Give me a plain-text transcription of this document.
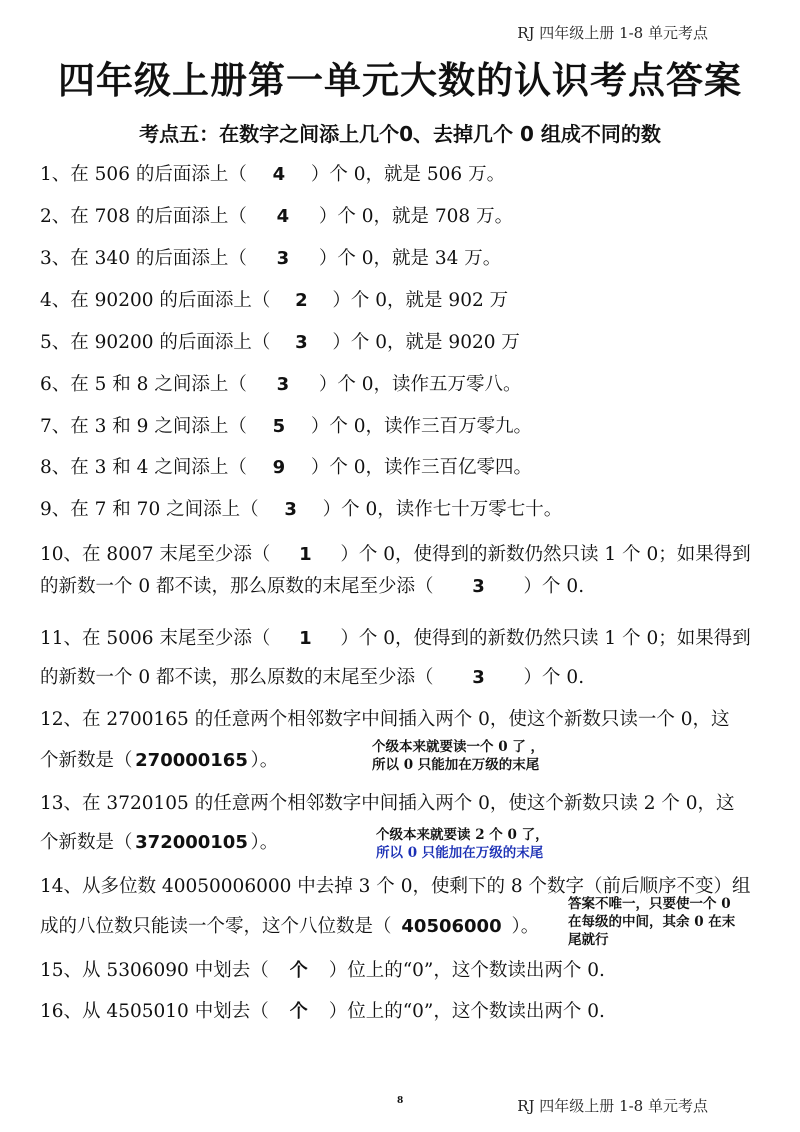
RJ 四年级上册 1-8 单元考点
四年级上册第一单元大数的认识考点答案
考点五：在数字之间添上几个0、去掉几个 0 组成不同的数
1、在 506 的后面添上（ 4 ）个 0，就是 506 万。
2、在 708 的后面添上（ 4 ）个 0，就是 708 万。
3、在 340 的后面添上（ 3 ）个 0，就是 34 万。
4、在 90200 的后面添上（ 2 ）个 0，就是 902 万
5、在 90200 的后面添上（ 3 ）个 0，就是 9020 万
6、在 5 和 8 之间添上（ 3 ）个 0，读作五万零八。
7、在 3 和 9 之间添上（ 5 ）个 0，读作三百万零九。
8、在 3 和 4 之间添上（ 9 ）个 0，读作三百亿零四。
9、在 7 和 70 之间添上（ 3 ）个 0，读作七十万零七十。
10、在 8007 末尾至少添（ 1 ）个 0，使得到的新数仍然只读 1 个 0；如果得到
的新数一个 0 都不读，那么原数的末尾至少添（ 3 ）个 0.
11、在 5006 末尾至少添（ 1 ）个 0，使得到的新数仍然只读 1 个 0；如果得到
的新数一个 0 都不读，那么原数的末尾至少添（ 3 ）个 0.
12、在 2700165 的任意两个相邻数字中间插入两个 0，使这个新数只读一个 0，这
个新数是（ 270000165 ）。
个级本来就要读一个 0 了 ，
所以 0 只能加在万级的末尾
13、在 3720105 的任意两个相邻数字中间插入两个 0，使这个新数只读 2 个 0，这
个新数是（ 372000105 ）。	个级本来就要读 2 个 0 了，
所以 0 只能加在万级的末尾
14、从多位数 40050006000 中去掉 3 个 0，使剩下的 8 个数字（前后顺序不变）组
成的八位数只能读一个零，这个八位数是（ 40506000 ）。
答案不唯一，只要使一个 0
在每级的中间，其余 0 在末
尾就行
15、从 5306090 中划去（ 个 ）位上的“0”，这个数读出两个 0.
16、从 4505010 中划去（ 个 ）位上的“0”，这个数读出两个 0.
8	RJ 四年级上册 1-8 单元考点
